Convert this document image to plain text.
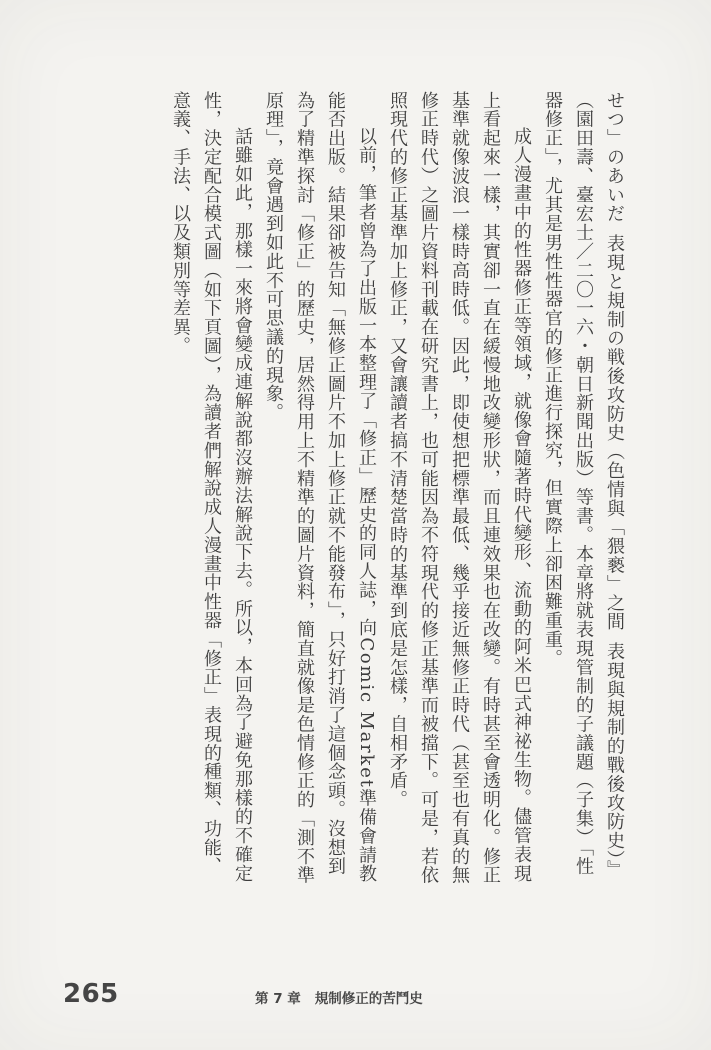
せつ」のあいだ表現と規制の戦後攻防史（色情與「猥褻」之間表現與規制的戰後攻防史）』（園田壽、臺宏士／二〇一六・朝日新聞出版）等書。本章將就表現管制的子議題（子集）「性器修正」，尤其是男性性器官的修正進行探究，但實際上卻困難重重。

成人漫畫中的性器修正等領域，就像會隨著時代變形、流動的阿米巴式神祕生物。儘管表現上看起來一樣，其實卻一直在緩慢地改變形狀，而且連效果也在改變。有時甚至會透明化。修正基準就像波浪一樣時高時低。因此，即使想把標準最低、幾乎接近無修正時代（甚至也有真的無修正時代）之圖片資料刊載在研究書上，也可能因為不符現代的修正基準而被擋下。可是，若依照現代的修正基準加上修正，又會讓讀者搞不清楚當時的基準到底是怎樣，自相矛盾。

以前，筆者曾為了出版一本整理了「修正」歷史的同人誌，向Comic Market準備會請教能否出版。結果卻被告知「無修正圖片不加上修正就不能發布」，只好打消了這個念頭。沒想到為了精準探討「修正」的歷史，居然得用上不精準的圖片資料，簡直就像是色情修正的「測不準原理」，竟會遇到如此不可思議的現象。

話雖如此，那樣一來將會變成連解說都沒辦法解說下去。所以，本回為了避免那樣的不確定性，決定配合模式圖（如下頁圖），為讀者們解說成人漫畫中性器「修正」表現的種類、功能、意義、手法、以及類別等差異。

265	第 7 章 規制修正的苦鬥史
